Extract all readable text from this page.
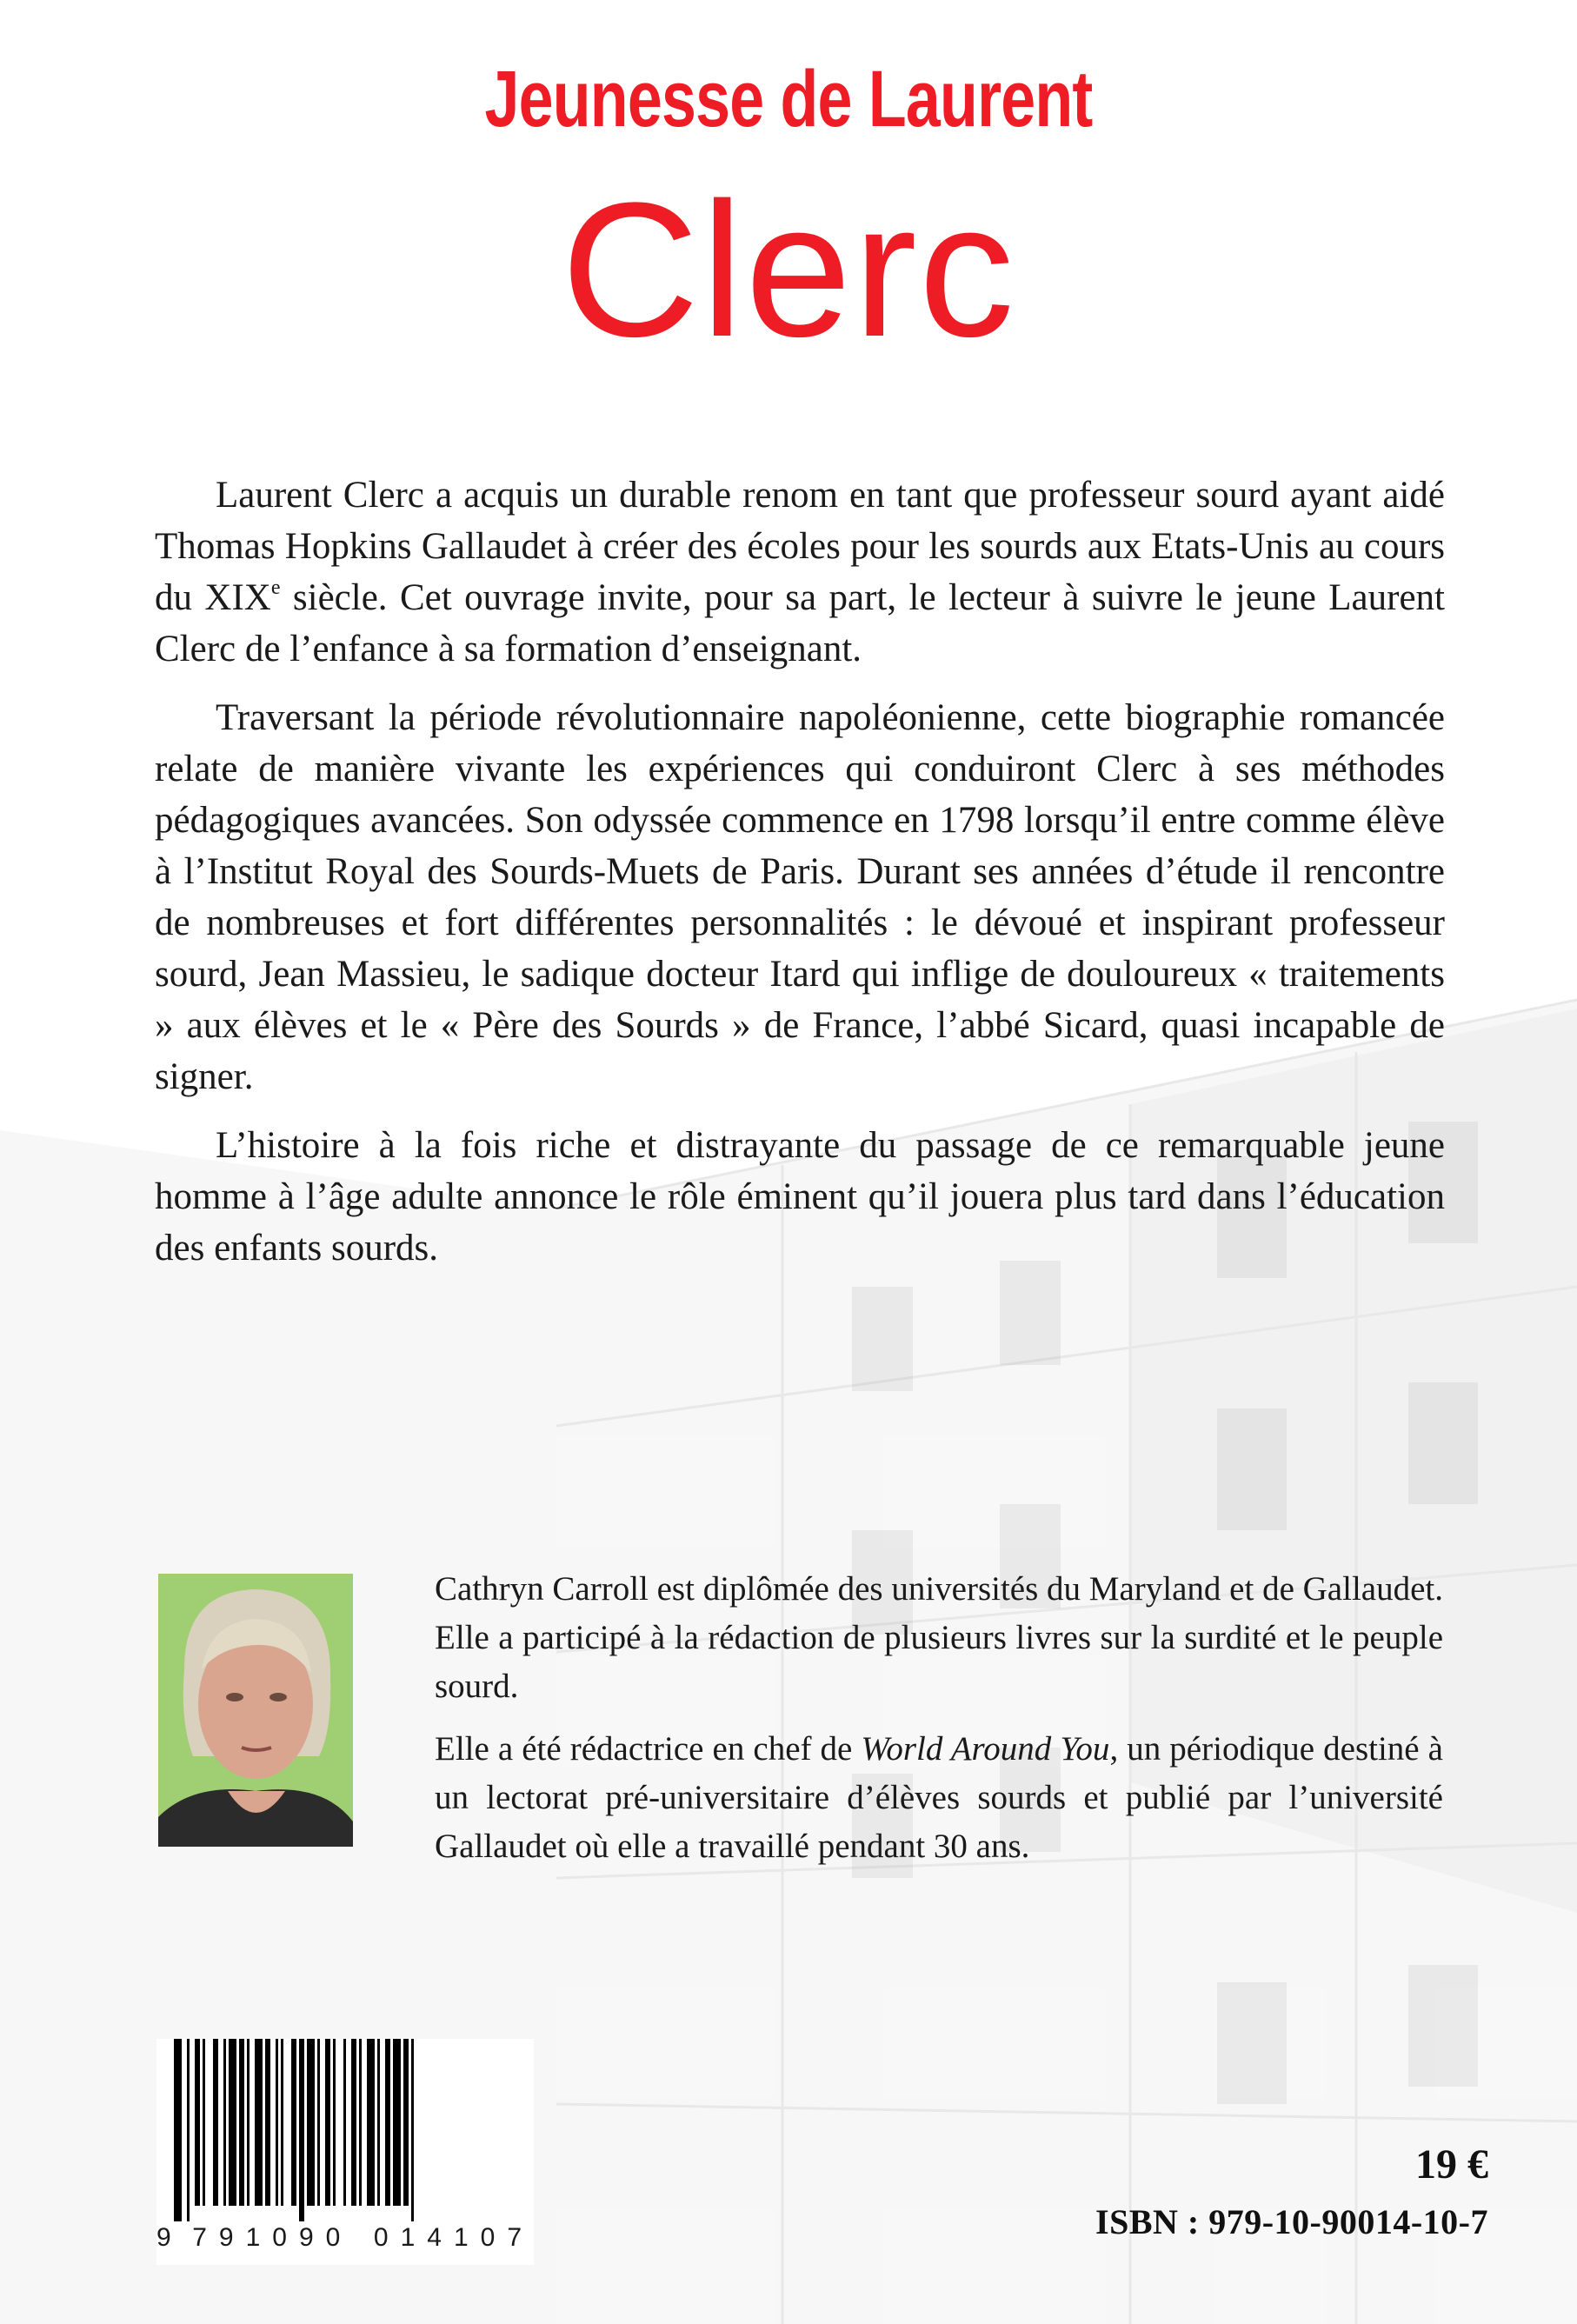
Jeunesse de Laurent
Clerc

Laurent Clerc a acquis un durable renom en tant que professeur sourd ayant aidé Thomas Hopkins Gallaudet à créer des écoles pour les sourds aux Etats-Unis au cours du XIXe siècle. Cet ouvrage invite, pour sa part, le lecteur à suivre le jeune Laurent Clerc de l’enfance à sa formation d’enseignant.

Traversant la période révolutionnaire napoléonienne, cette biographie romancée relate de manière vivante les expériences qui conduiront Clerc à ses méthodes pédagogiques avancées. Son odyssée commence en 1798 lorsqu’il entre comme élève à l’Institut Royal des Sourds-Muets de Paris. Durant ses années d’étude il rencontre de nombreuses et fort différentes personnalités : le dévoué et inspirant professeur sourd, Jean Massieu, le sadique docteur Itard qui inflige de douloureux « traitements » aux élèves et le « Père des Sourds » de France, l’abbé Sicard, quasi incapable de signer.

L’histoire à la fois riche et distrayante du passage de ce remarquable jeune homme à l’âge adulte annonce le rôle éminent qu’il jouera plus tard dans l’éducation des enfants sourds.

Cathryn Carroll est diplômée des universités du Maryland et de Gallaudet. Elle a participé à la rédaction de plusieurs livres sur la surdité et le peuple sourd.

Elle a été rédactrice en chef de World Around You, un périodique destiné à un lectorat pré-universitaire d’élèves sourds et publié par l’université Gallaudet où elle a travaillé pendant 30 ans.

9 791090 014107
19 €
ISBN : 979-10-90014-10-7
